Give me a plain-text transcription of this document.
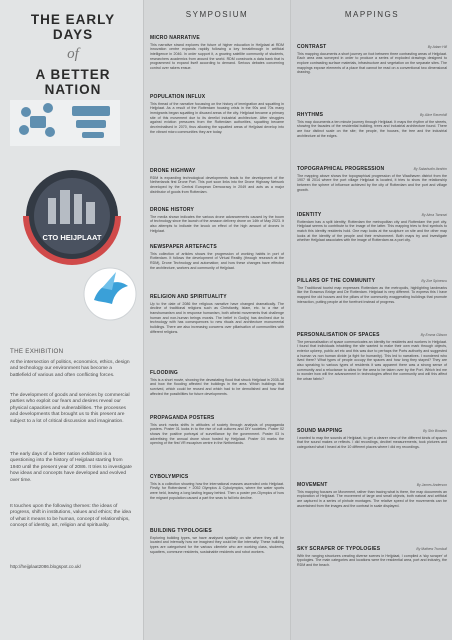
THE EARLY DAYS
of
A BETTER NATION
CTO HEIJPLAAT
THE EXHIBITION

At the intersection of politics, economics, ethics, design and technology our environment has become a battlefield of various and often conflicting forces.

The development of goods and services by commercial parties who exploit our fears and desires reveal our physical capacities and vulnerabilities. The processes and developments that brought us to this present are subject to a lot of critical discussion and imagination.

The early days of a better nation exhibition is a questioning into the history of Heijplaat starting from 1940 until the present year of 2086. It tries to investigate how ideas and concepts have developed and evolved over time.

It touches upon the following themes: the ideas of progress, shift in institutions, values and ethics; the idea of what it means to be human, concept of relationships, concept of identity, art, religion and spirituality.

http://heijplaat2086.blogspot.co.uk/
SYMPOSIUM
MICRO NARRATIVE

This narrative strand explores the future of higher education in Heijplaat at RDM innovation centre expands rapidly following a key breakthrough in artificial intelligence in 2046. In order support it, a growing satellite community of students, researchers academics from around the world. RDM constructs a data bank that is programmed to expand itself according to demand. Serious debates concerning control over rakers ensue.

POPULATION INFLUX

This thread of the narrative focussing on the history of immigration and squatting in Heijplaat. As a result of the Rotterdam housing crisis in the 90s and 70s many immigrants began squatting in disused areas of the city. Heijplaat became a primary site of this movement due to its derelict industrial architecture. After struggles against eviction pressures from the Rotterdam authorities, squatting became decriminalised in 2070, thus allowing the squatted areas of Heijplaat develop into the vibrant micro communities they are today.

DRONE HIGHWAY

RDM is expanding technological developments leads to the development of the Netherlands first Drone Port. This port soon links into the Drone Highway Network developed by the Central European Democracy in 2049 and acts as a major distributor of goods from Rotterdam.

DRONE HISTORY

The media shown indicates the various drone advancements caused by the boom of technology since the launch of the amazon delivery drone on 14th of May 2023. It also attempts to indicate the knock on effect of the high amount of drones in Heijplaat.

NEWSPAPER ARTEFACTS

This collection of articles shows the progression of working habits in port of Rotterdam. It follows the development of Virtual Reality (through research at the RDM), Drone Technology and automation; and how these changes have effected the architecture, workers and community of Heijplaat.

RELIGION AND SPIRITUALITY

Up to the date of 2086 the religious narrative have changed dramatically. The decline of traditional religions such as Christianity, Islam, etc. to a rise of transhumanism and in response humanism, both atheist movements that challenge human and non-human beings morals. The belief in God(s) has declined due to technology with has consequences to new rituals and architecture monumental buildings. There are also increasing concerns over pillarisation of communities with different religions.

FLOODING

This is a short movie, showing the devastating flood that struck Heijplaat in 2035-36 and how the flooding affected the buildings in the area. Which buildings that survived, which could be reused and which had to be demolished and how that affected the possibilities for future developments.

PROPAGANDA POSTERS

This work marks shifts in attitudes of society through analysis of propaganda posters. Poster 01 looks in to the rise of cult cultures and DIY societies. Poster 02 shows the positive portrayal of surveillance by the government. Poster 03 is advertising the annual drone show hosted by Heijplaat. Poster 04 marks the opening of the first VR escapism centre in the Netherlands.

CYBOLYMPICS

This is a collection showing how the international masses ascended onto Heijplaat. Firstly, for Rotterdams' + 2052 Olympics & Cybolympics, where the water sports were held, leaving a long lasting legacy behind. Then a poster pre-Olympics of how the migrant population caused a part the seas to fall into decline.

BUILDING TYPOLOGIES

Exploring building types, we have analysed spatially on site where they will be located and internally how we imagined they could be like internally. These building types are categorised for the various clientele who are working class, students, squatters, commune residents, sustainable residents and robot workers.

MAPPINGS
CONTRAST	By Adam Hill

This mapping documents a short journey on foot between three contrasting areas of Heijplaat. Each area was surveyed in order to produce a series of exploded drawings designed to explore contrasting surface materials, infrastructure and vegetation on the separate sites. The mappings expose elements of a place that cannot be read on a conventional two dimensional drawing.

RHYTHMS	By Alice Ravenhill

This map documents a ten minute journey through Heijplaat. It maps the rhythm of the streets, showing the facades of the residential building, trees and industrial architecture found. There are four distinct scale on the site; the people, the houses, the tree and the industrial architecture at the edges.

TOPOGRAPHICAL PROGRESSION	By Sabahudin Ibrahim

The mapping above shows the topographical progression of the Waalhaven district from the 1907 till 2014 where the port village Heijplaat is located, it tries to show the relationship between the sphere of influence achieved by the city of Rotterdam and the port and village growth.

IDENTITY	By Alma Tamrazi

Rotterdam has a split identity; Rotterdam the metropolitan city and Rotterdam the port city. Heijplaat seems to contribute to the image of the latter. This mapping tries to find symbols to match this identity residents hold. One map looks at the sculpture on site and the other map looks at the identity of the people and their environment. Both maps try and investigate whether Heijplaat associates with the image of Rotterdam as a port city.

PILLARS OF THE COMMUNITY	By Zoe Spinescu

The Traditional tourist map expresses Rotterdam as the metropolis, highlighting landmarks like the Erasmus Bridge and De Rotterdam. Heijplaat is very different. To express this I have mapped the old houses and the pillars of the community exaggerating buildings that promote interaction, putting people at the forefront instead of progress.

PERSONALISATION OF SPACES	By Emma Gibson

The personalisation of space communicates an identity for residents and workers in Heijplaat. I found that individuals inhabiting the site wanted to make their own mark through objects, exterior upkeep, public art etc and this was due to perhaps the Ports authority and suggested a human vs non human divide (a fight for humanity). This led to narratives. I wondered who lived there? What types of people occupy the spaces and how long they stayed? They are also speaking to various types of residents it was apparent there was a strong sense of community and a reluctance to allow for the area to be taken over by the Port. Which led me to wonder how will the advancement in technologies affect the community and will this affect the urban fabric?

SOUND MAPPING	By Shir Binstein

I wanted to map the sounds at Heijplaat, to get a clearer view of the different kinds of spaces that the sound makes or reflects. I did recordings, decibel measurements, took pictures and categorised what I heard at the 10 different places where I did my recordings.

MOVEMENT	By James Anderson

This mapping focuses on Movement, rather than tracing what is there, the map documents an exploration of Heijplaat. The movement of large and small objects, both natural and artificial are captured in a series of pinhole montages. The relative speed of the movements can be ascertained from the images and the contrast in scale displayed.

SKY SCRAPER OF TYPOLOGIES	By Mathew Trumbull

With the ranging structures creating diverse scenes in Heijplaat, I compiled a 'sky scraper' of typologies. The main categories and locations were the residential area, port and industry, the RDM and the beach.
